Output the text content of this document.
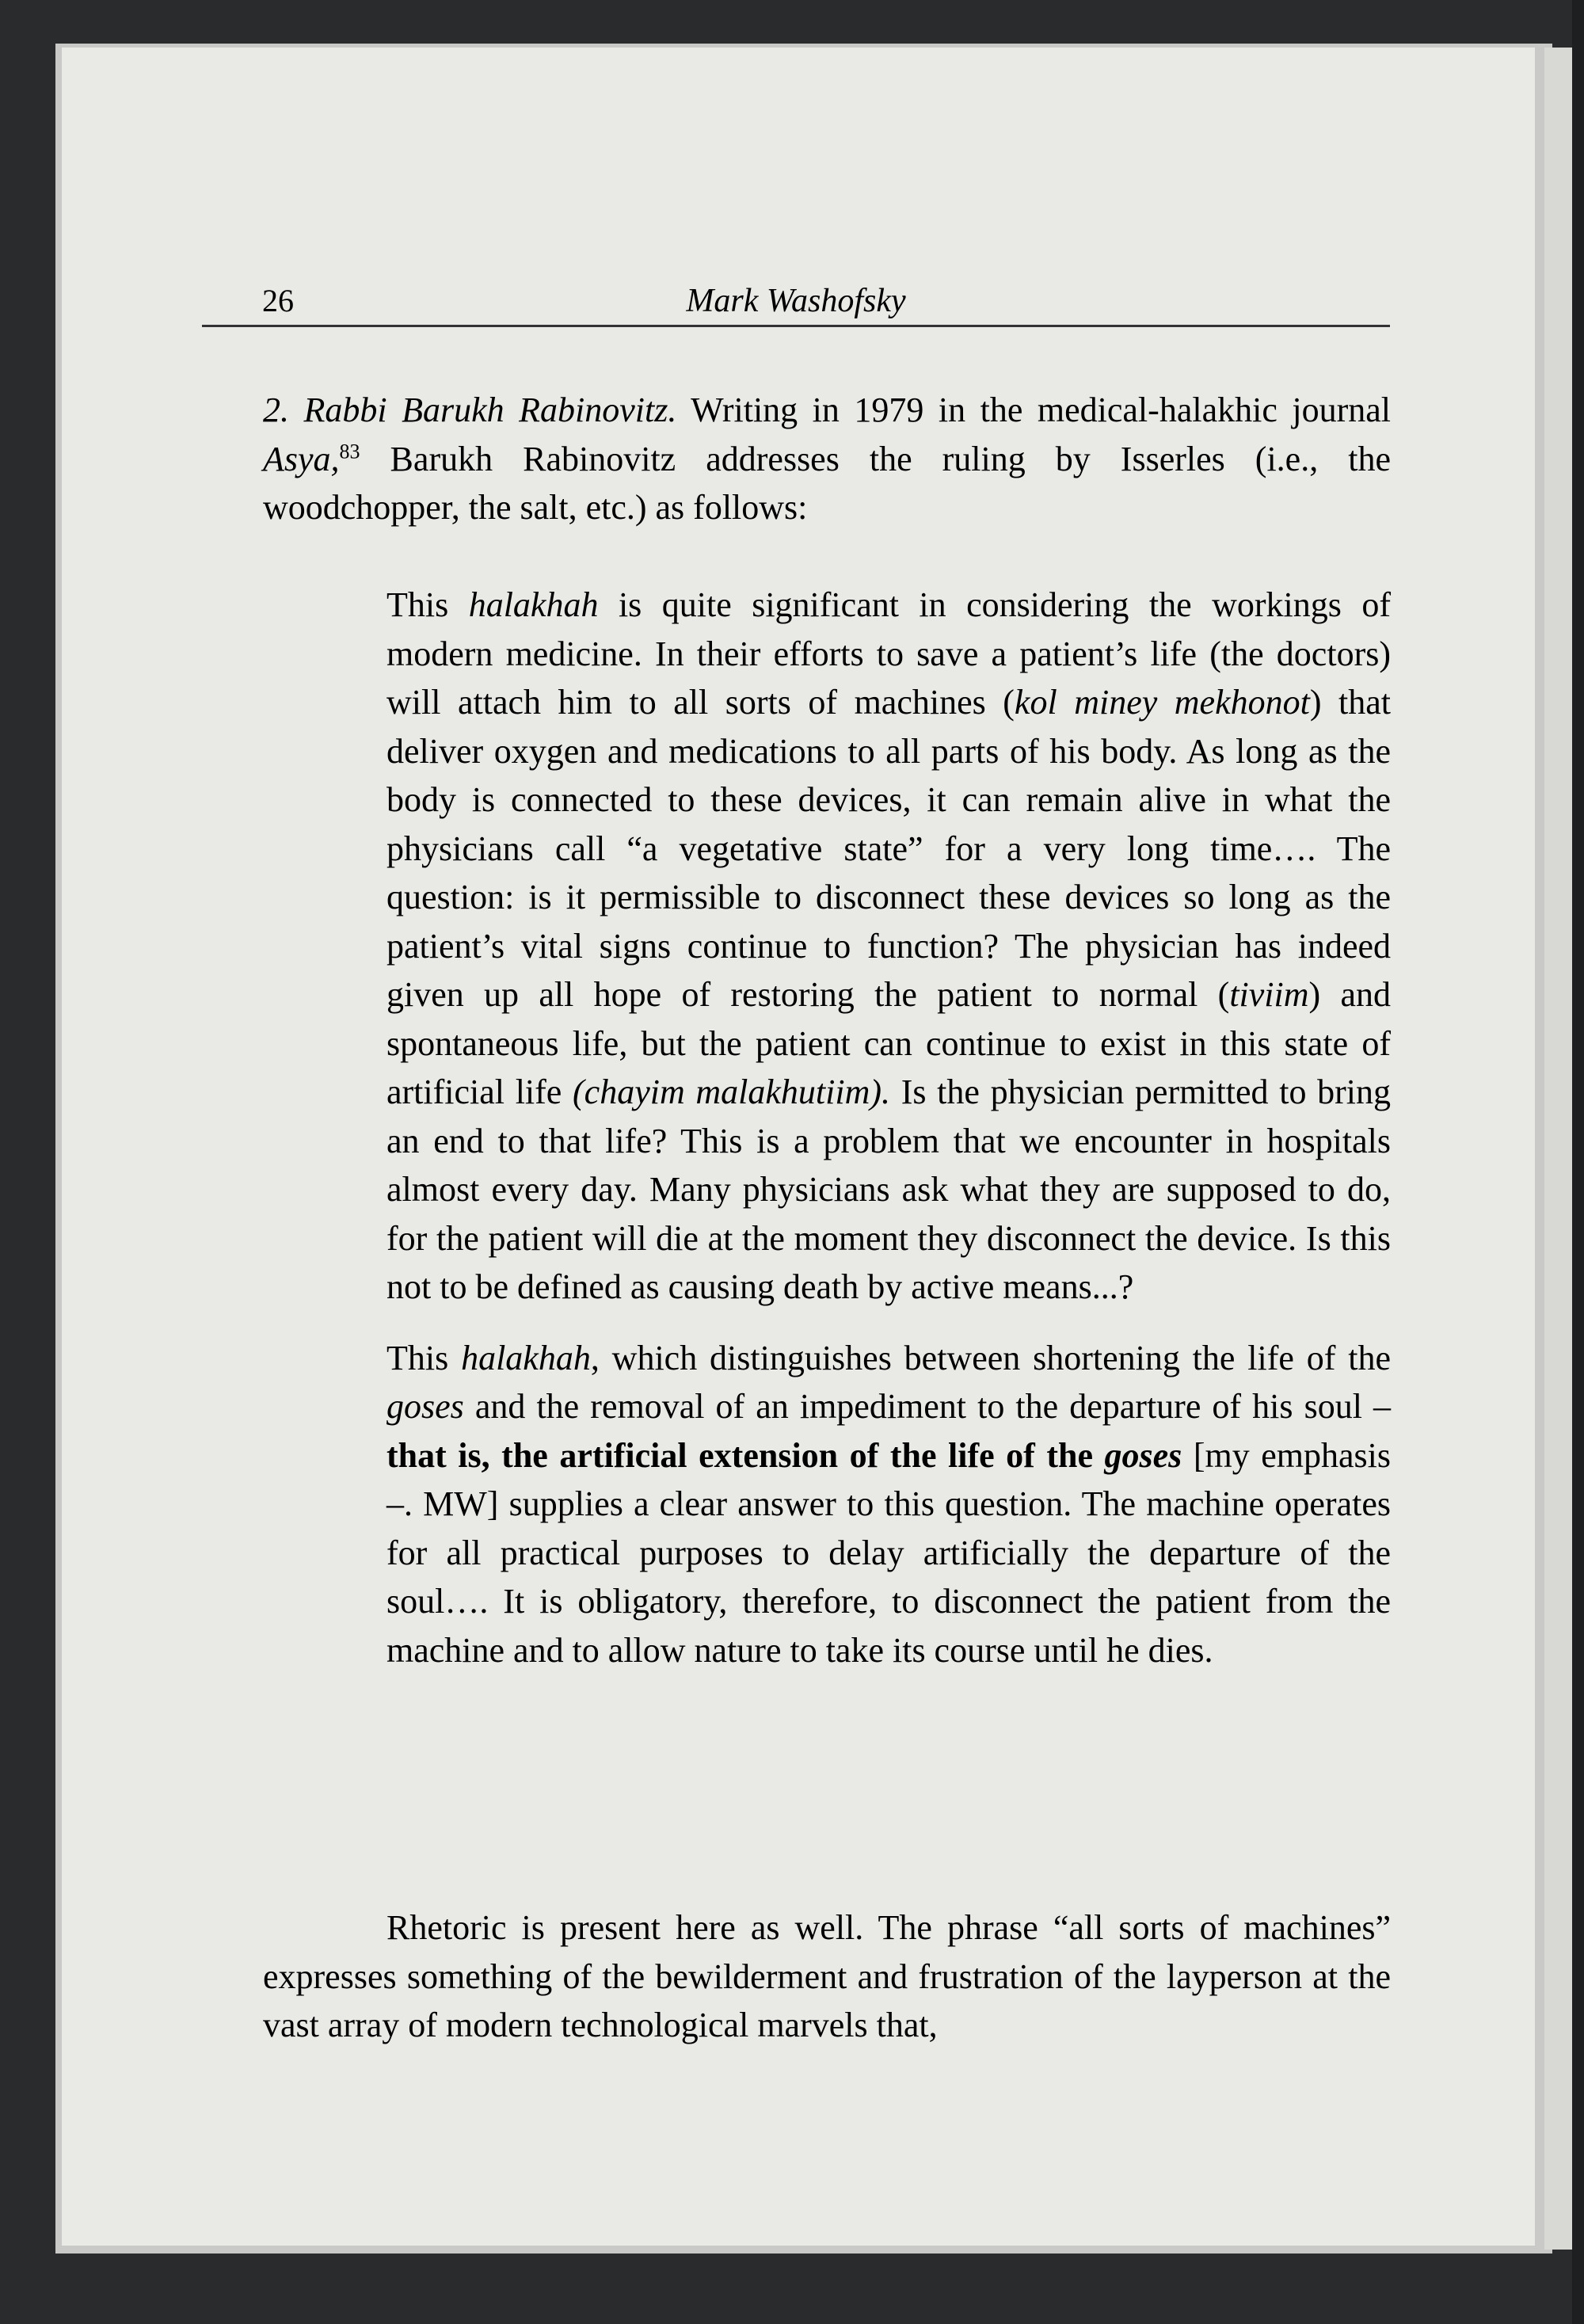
26	Mark Washofsky
2. Rabbi Barukh Rabinovitz. Writing in 1979 in the medical-halakhic journal Asya,$^{83}$ Barukh Rabinovitz addresses the ruling by Isserles (i.e., the woodchopper, the salt, etc.) as follows:

This halakhah is quite significant in considering the workings of modern medicine. In their efforts to save a patient’s life (the doctors) will attach him to all sorts of machines (kol miney mekhonot) that deliver oxygen and medications to all parts of his body. As long as the body is connected to these devices, it can remain alive in what the physicians call “a vegetative state” for a very long time…. The question: is it permissible to disconnect these devices so long as the patient’s vital signs continue to function? The physician has indeed given up all hope of restoring the patient to normal (tiviim) and spontaneous life, but the patient can continue to exist in this state of artificial life (chayim malakhutiim). Is the physician permitted to bring an end to that life? This is a problem that we encounter in hospitals almost every day. Many physicians ask what they are supposed to do, for the patient will die at the moment they disconnect the device. Is this not to be defined as causing death by active means...?

This halakhah, which distinguishes between shortening the life of the goses and the removal of an impediment to the departure of his soul – that is, the artificial extension of the life of the goses [my emphasis –. MW] supplies a clear answer to this question. The machine operates for all practical purposes to delay artificially the departure of the soul…. It is obligatory, therefore, to disconnect the patient from the machine and to allow nature to take its course until he dies.

Rhetoric is present here as well. The phrase “all sorts of machines” expresses something of the bewilderment and frustration of the layperson at the vast array of modern technological marvels that,
